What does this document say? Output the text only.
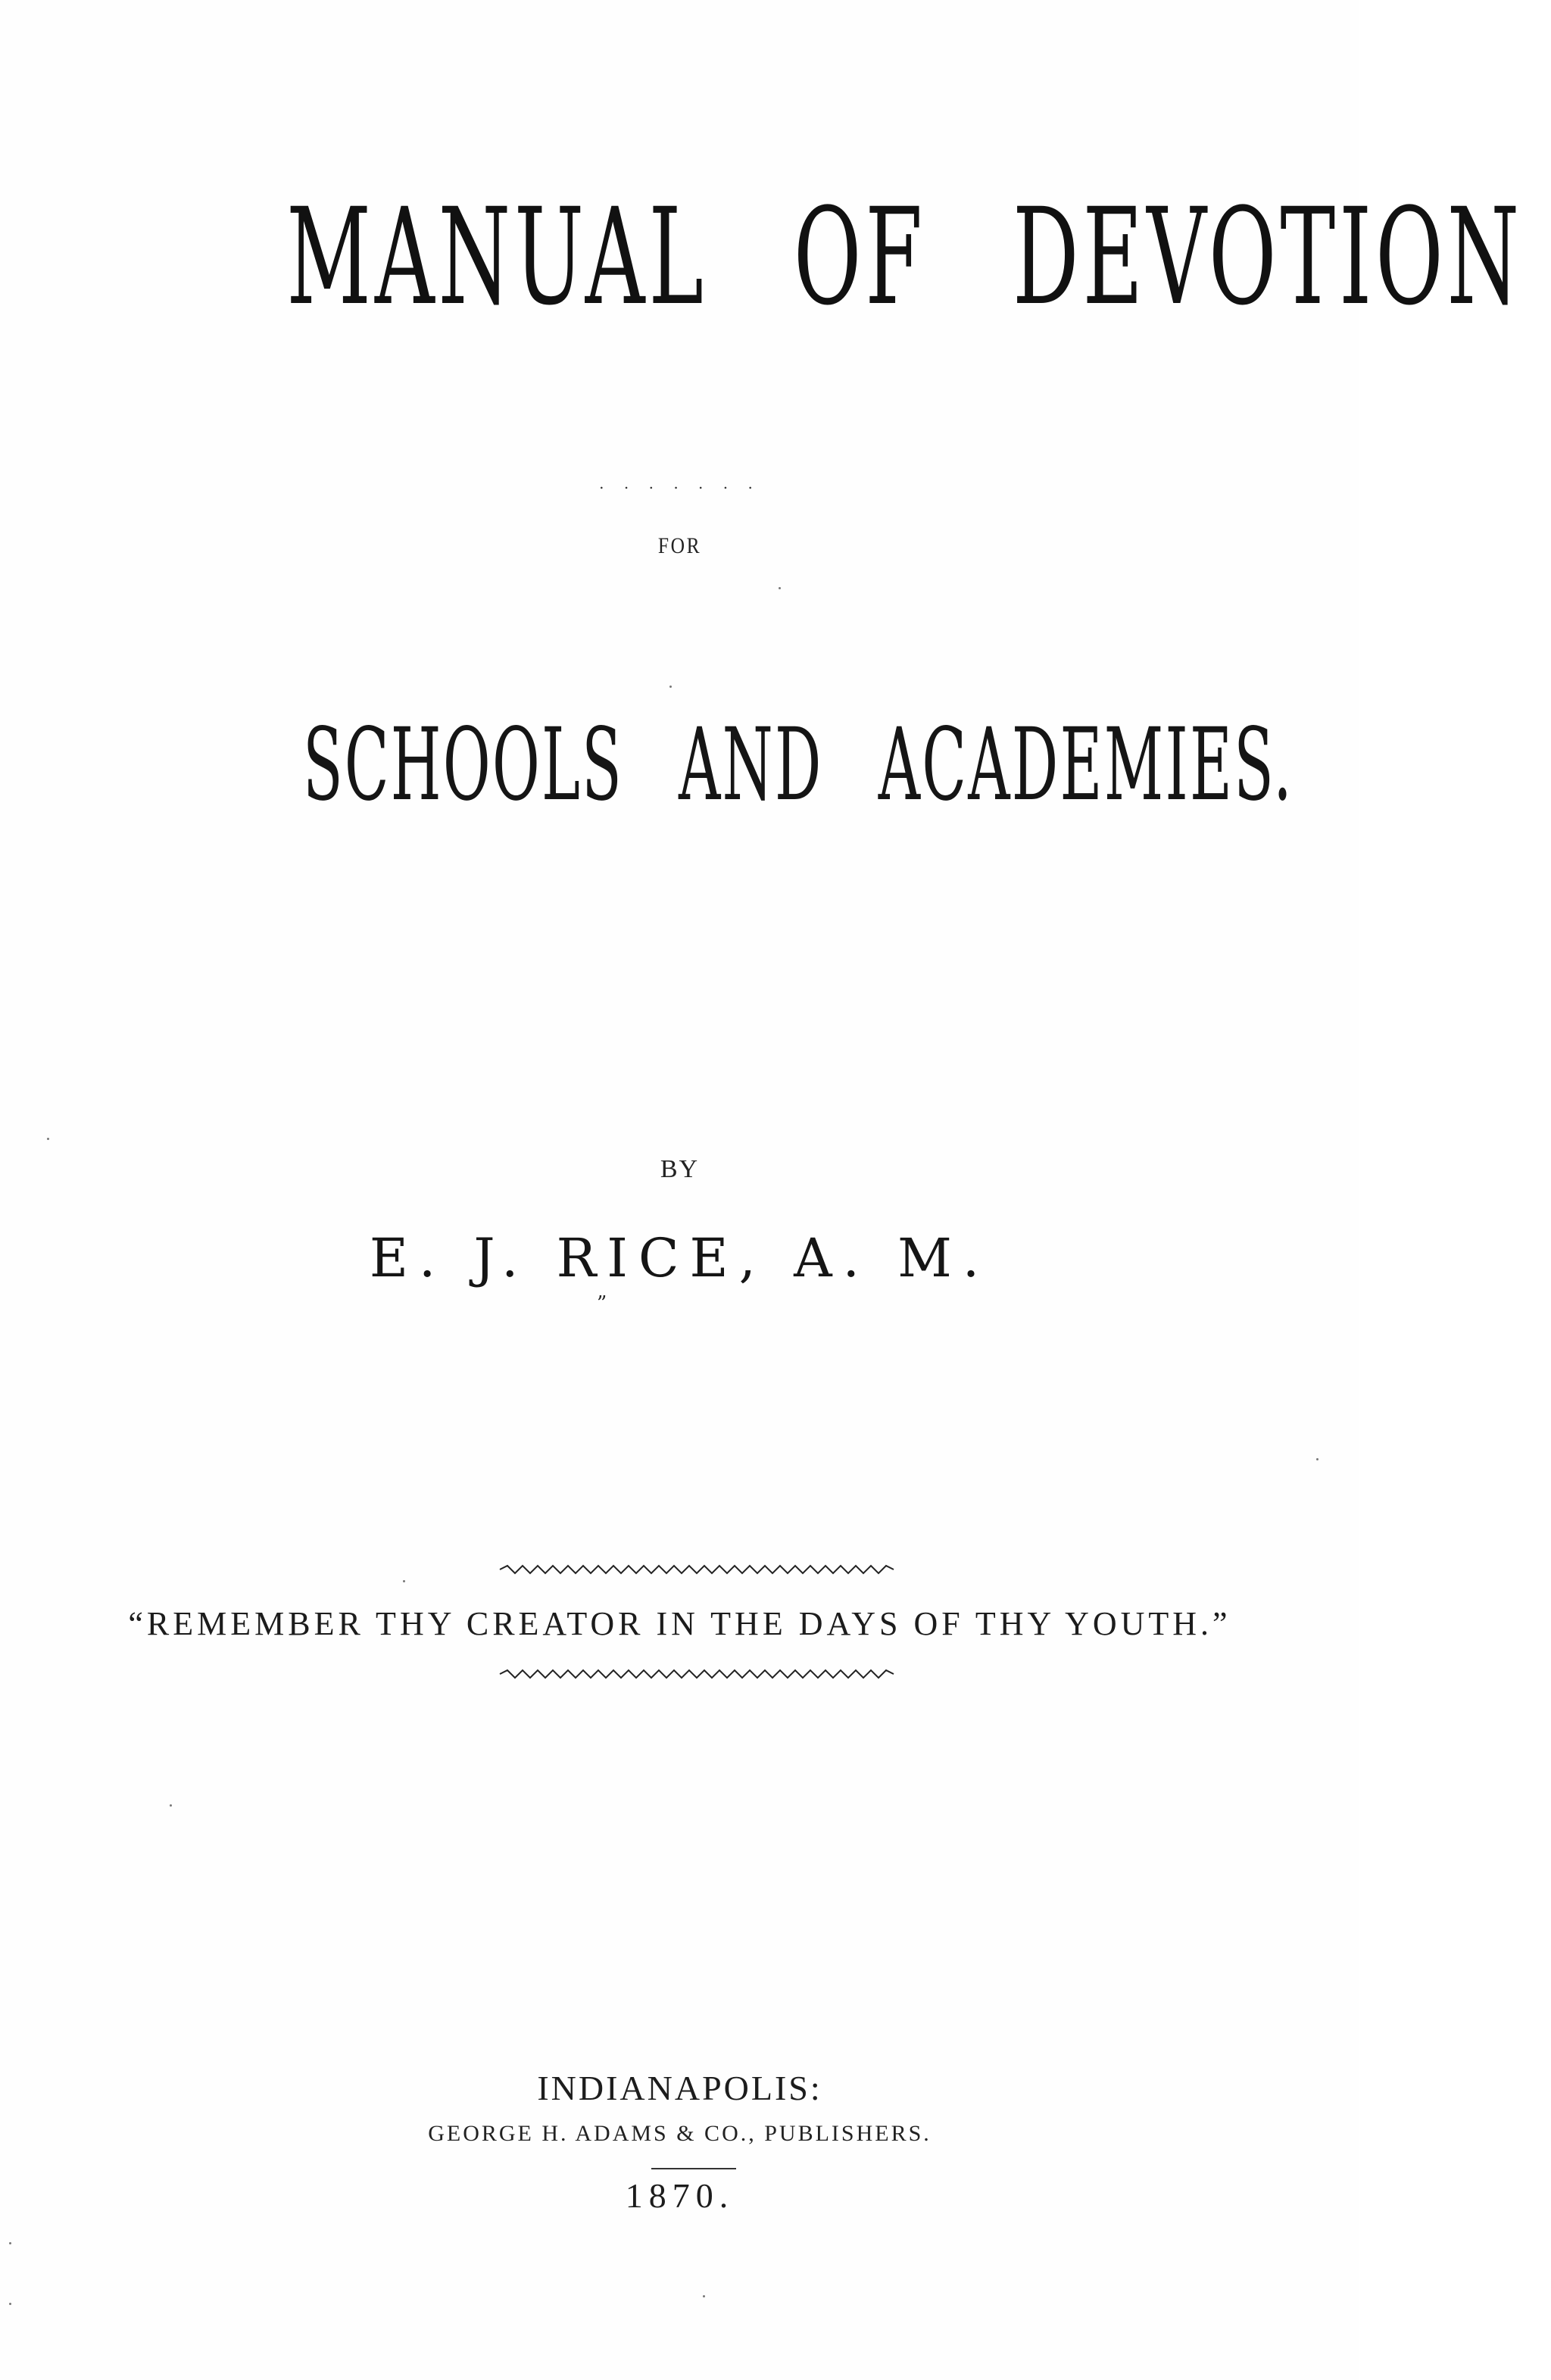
MANUAL OF DEVOTION
. . . . . . .
FOR
SCHOOLS AND ACADEMIES.
BY
E. J. RICE, A. M.
”
“REMEMBER THY CREATOR IN THE DAYS OF THY YOUTH.”
INDIANAPOLIS:
GEORGE H. ADAMS & CO., PUBLISHERS.
1870.
